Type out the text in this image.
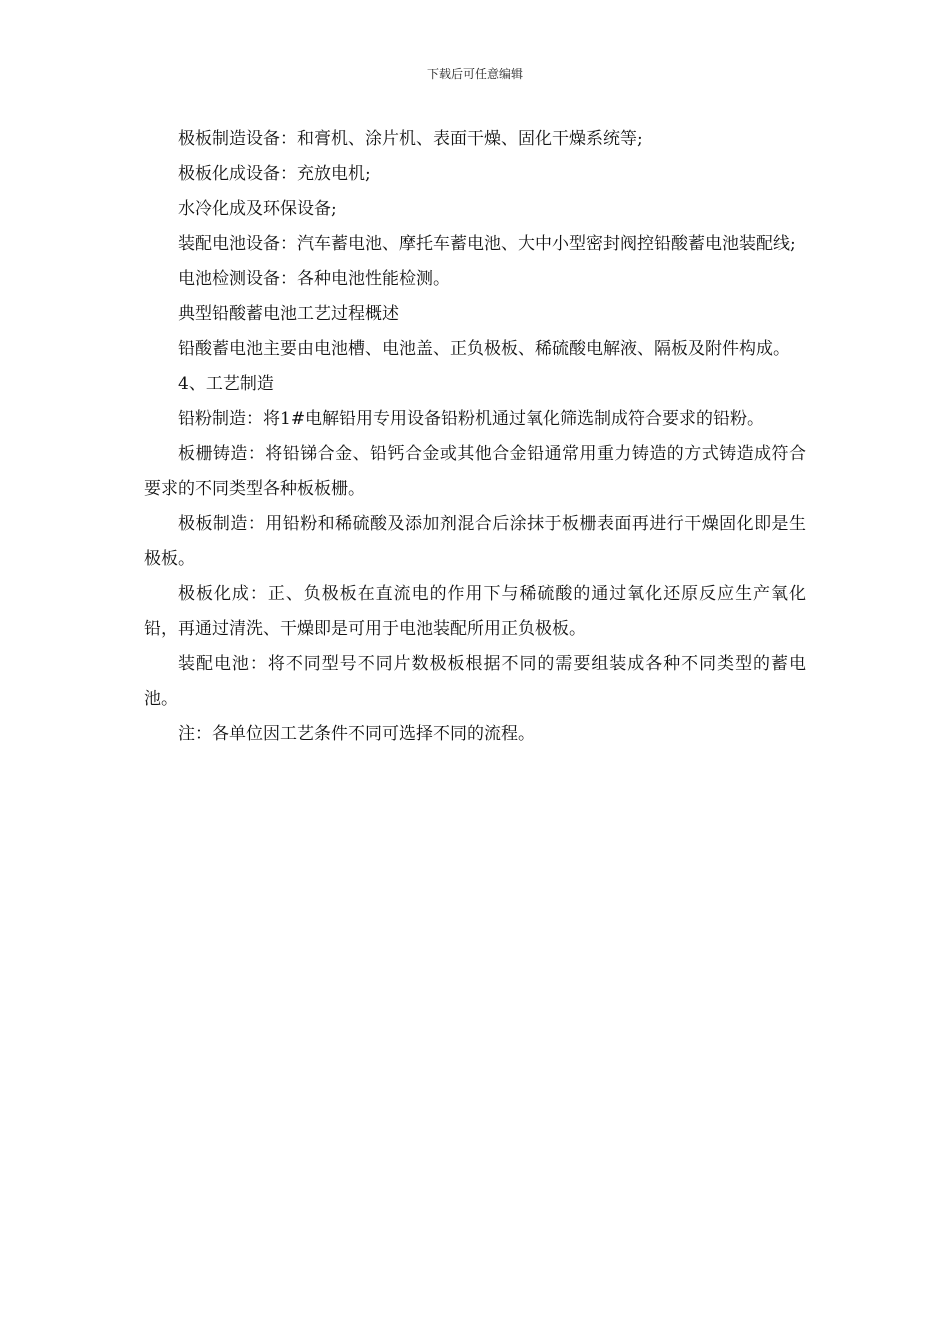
下载后可任意编辑

极板制造设备：和膏机、涂片机、表面干燥、固化干燥系统等;

极板化成设备：充放电机;

水冷化成及环保设备;

装配电池设备：汽车蓄电池、摩托车蓄电池、大中小型密封阀控铅酸蓄电池装配线;

电池检测设备：各种电池性能检测。

典型铅酸蓄电池工艺过程概述

铅酸蓄电池主要由电池槽、电池盖、正负极板、稀硫酸电解液、隔板及附件构成。

4、工艺制造

铅粉制造：将1#电解铅用专用设备铅粉机通过氧化筛选制成符合要求的铅粉。

板栅铸造：将铅锑合金、铅钙合金或其他合金铅通常用重力铸造的方式铸造成符合要求的不同类型各种板板栅。

极板制造：用铅粉和稀硫酸及添加剂混合后涂抹于板栅表面再进行干燥固化即是生极板。

极板化成：正、负极板在直流电的作用下与稀硫酸的通过氧化还原反应生产氧化铅，再通过清洗、干燥即是可用于电池装配所用正负极板。

装配电池：将不同型号不同片数极板根据不同的需要组装成各种不同类型的蓄电池。

注：各单位因工艺条件不同可选择不同的流程。
